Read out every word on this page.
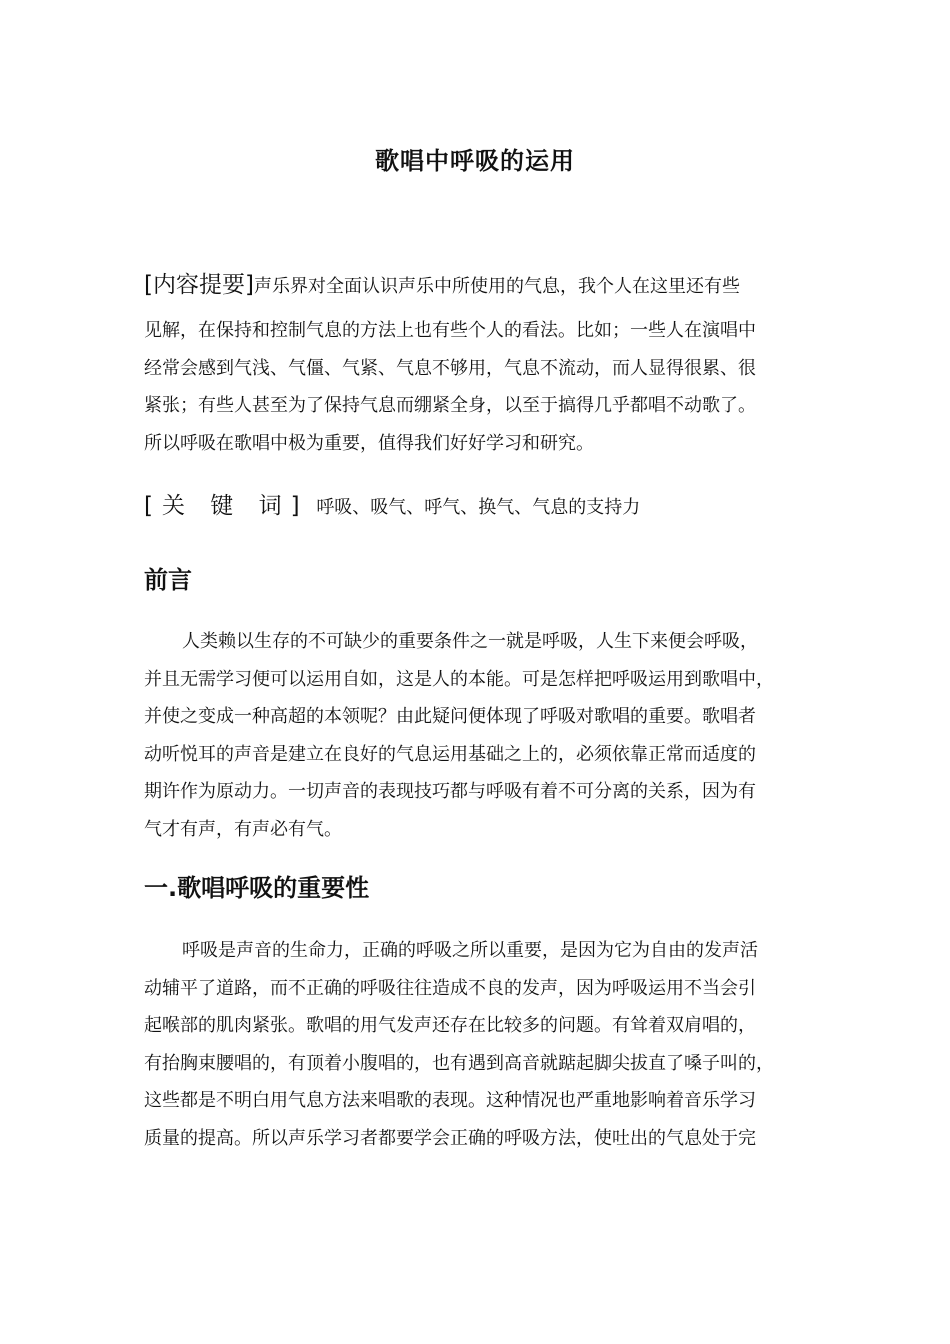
歌唱中呼吸的运用
[内容提要]声乐界对全面认识声乐中所使用的气息，我个人在这里还有些
见解，在保持和控制气息的方法上也有些个人的看法。比如；一些人在演唱中
经常会感到气浅、气僵、气紧、气息不够用，气息不流动，而人显得很累、很
紧张；有些人甚至为了保持气息而绷紧全身，以至于搞得几乎都唱不动歌了。
所以呼吸在歌唱中极为重要，值得我们好好学习和研究。
[关 键 词] 呼吸、吸气、呼气、换气、气息的支持力
前言
人类赖以生存的不可缺少的重要条件之一就是呼吸，人生下来便会呼吸，
并且无需学习便可以运用自如，这是人的本能。可是怎样把呼吸运用到歌唱中，
并使之变成一种高超的本领呢？由此疑问便体现了呼吸对歌唱的重要。歌唱者
动听悦耳的声音是建立在良好的气息运用基础之上的，必须依靠正常而适度的
期许作为原动力。一切声音的表现技巧都与呼吸有着不可分离的关系，因为有
气才有声，有声必有气。
一.歌唱呼吸的重要性
呼吸是声音的生命力，正确的呼吸之所以重要，是因为它为自由的发声活
动辅平了道路，而不正确的呼吸往往造成不良的发声，因为呼吸运用不当会引
起喉部的肌肉紧张。歌唱的用气发声还存在比较多的问题。有耸着双肩唱的，
有抬胸束腰唱的，有顶着小腹唱的，也有遇到高音就踮起脚尖拔直了嗓子叫的，
这些都是不明白用气息方法来唱歌的表现。这种情况也严重地影响着音乐学习
质量的提高。所以声乐学习者都要学会正确的呼吸方法，使吐出的气息处于完
